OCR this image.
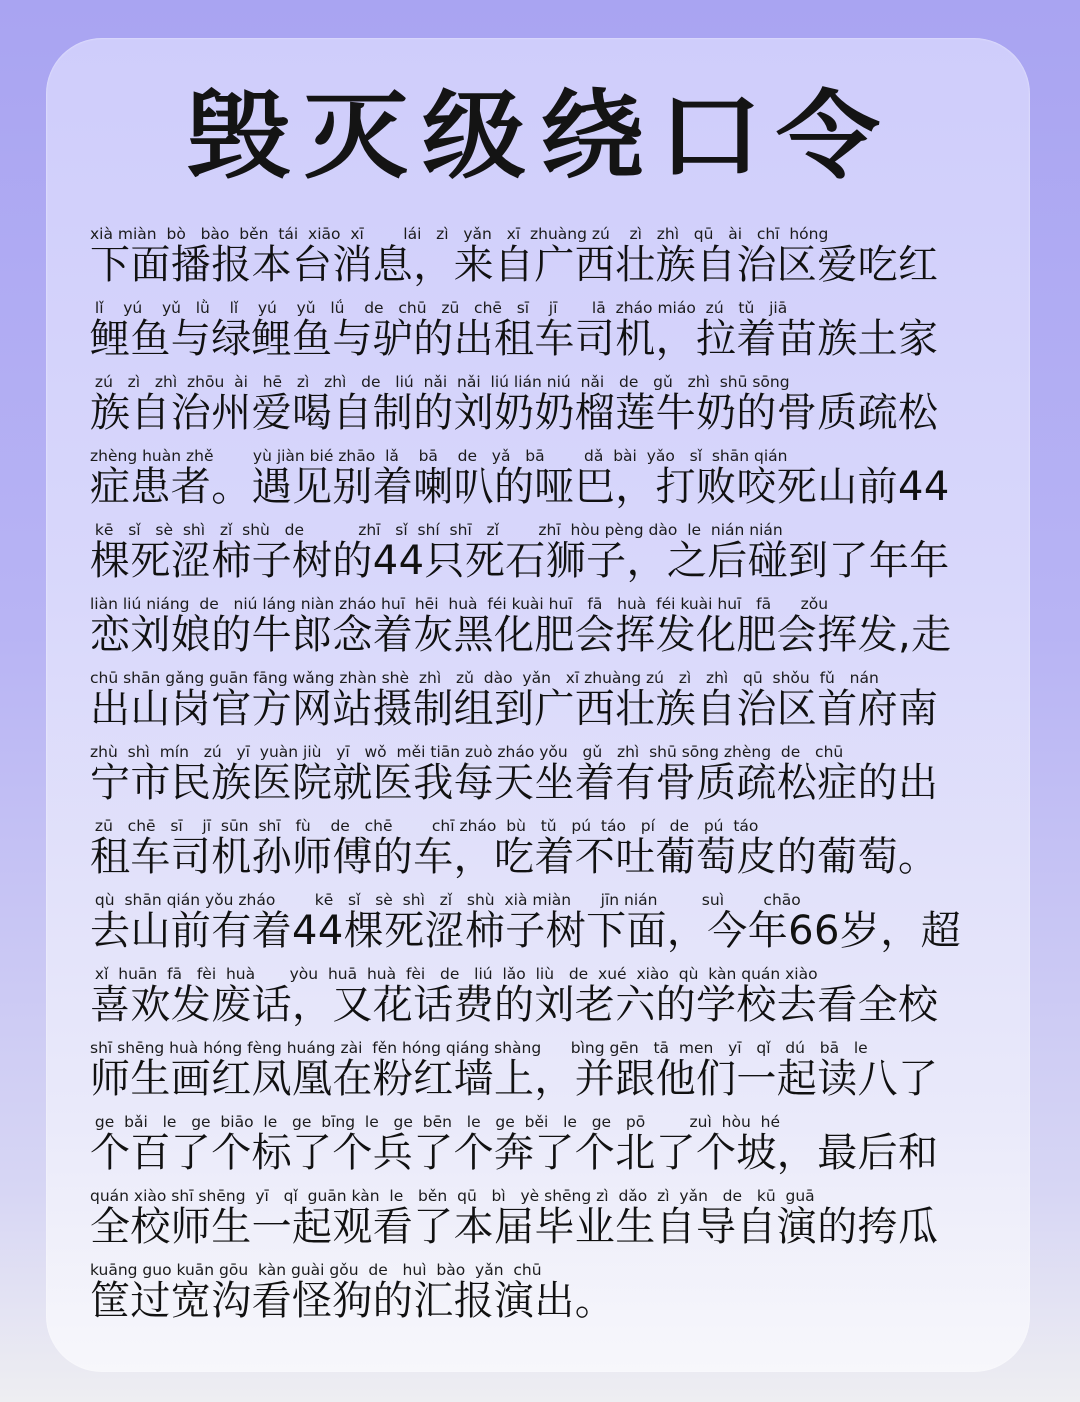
毁灭级绕口令
xià miàn  bò   bào  běn  tái  xiāo  xī        lái   zì   yǎn   xī  zhuàng zú    zì   zhì   qū   ài   chī  hóng
下面播报本台消息，来自广西壮族自治区爱吃红
lǐ    yú    yǔ   lǜ    lǐ    yú    yǔ   lǘ    de   chū   zū   chē   sī    jī       lā  zháo miáo  zú   tǔ   jiā
鲤鱼与绿鲤鱼与驴的出租车司机，拉着苗族土家
zú   zì   zhì  zhōu  ài   hē   zì   zhì   de   liú  nǎi  nǎi  liú lián niú  nǎi   de   gǔ   zhì  shū sōng
族自治州爱喝自制的刘奶奶榴莲牛奶的骨质疏松
zhèng huàn zhě        yù jiàn bié zhāo  lǎ    bā    de   yǎ   bā        dǎ  bài  yǎo   sǐ  shān qián
症患者。遇见别着喇叭的哑巴，打败咬死山前44
kē   sǐ   sè  shì   zǐ  shù   de           zhī   sǐ  shí  shī   zǐ        zhī  hòu pèng dào  le  nián nián
棵死涩柿子树的44只死石狮子，之后碰到了年年
liàn liú niáng  de   niú láng niàn zháo huī  hēi  huà  féi kuài huī   fā   huà  féi kuài huī   fā      zǒu
恋刘娘的牛郎念着灰黑化肥会挥发化肥会挥发,走
chū shān gǎng guān fāng wǎng zhàn shè  zhì   zǔ  dào  yǎn   xī zhuàng zú   zì   zhì   qū  shǒu  fǔ   nán
出山岗官方网站摄制组到广西壮族自治区首府南
zhù  shì  mín   zú   yī  yuàn jiù   yī   wǒ  měi tiān zuò zháo yǒu   gǔ   zhì  shū sōng zhèng  de   chū
宁市民族医院就医我每天坐着有骨质疏松症的出
zū   chē   sī    jī  sūn  shī   fù    de   chē        chī zháo  bù   tǔ   pú  táo   pí   de   pú  táo
租车司机孙师傅的车，吃着不吐葡萄皮的葡萄。
qù  shān qián yǒu zháo        kē   sǐ   sè  shì   zǐ   shù  xià miàn      jīn nián         suì        chāo
去山前有着44棵死涩柿子树下面，今年66岁，超
xǐ  huān  fā   fèi  huà       yòu  huā  huà  fèi   de   liú  lǎo  liù   de  xué  xiào  qù  kàn quán xiào
喜欢发废话，又花话费的刘老六的学校去看全校
shī shēng huà hóng fèng huáng zài  fěn hóng qiáng shàng      bìng gēn   tā  men   yī   qǐ   dú   bā   le
师生画红凤凰在粉红墙上，并跟他们一起读八了
ge  bǎi   le   ge  biāo  le   ge  bīng  le   ge  bēn   le   ge  běi   le   ge   pō         zuì  hòu  hé
个百了个标了个兵了个奔了个北了个坡，最后和
quán xiào shī shēng  yī   qǐ  guān kàn  le   běn  qū   bì   yè shēng zì  dǎo  zì  yǎn   de   kū  guā
全校师生一起观看了本届毕业生自导自演的挎瓜
kuāng guo kuān gōu  kàn guài gǒu  de   huì  bào  yǎn  chū
筐过宽沟看怪狗的汇报演出。
